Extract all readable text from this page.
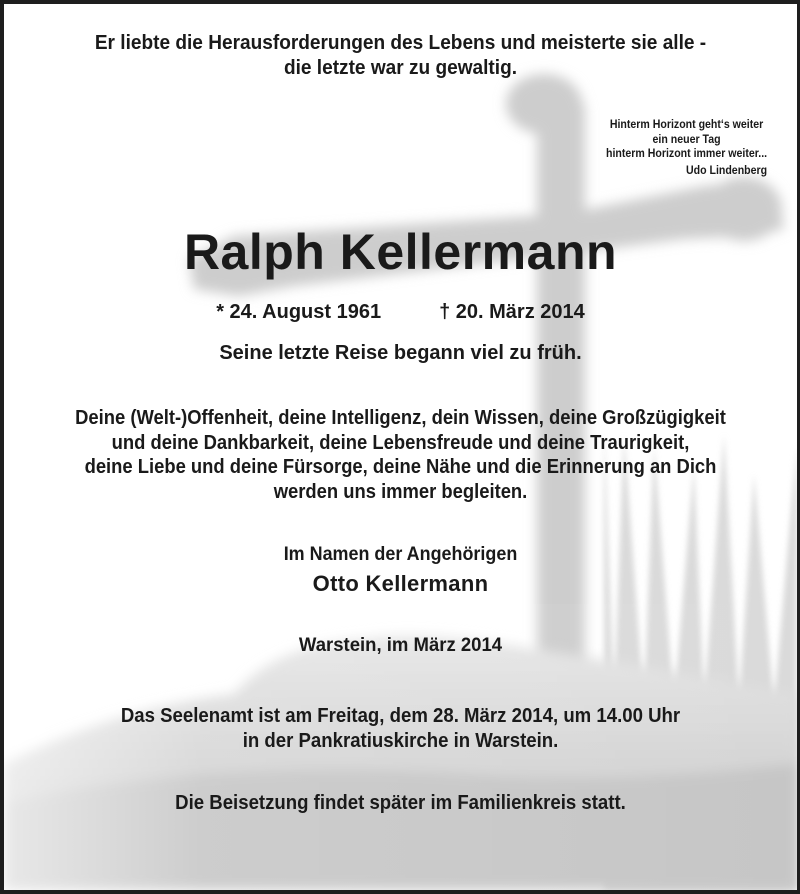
Er liebte die Herausforderungen des Lebens und meisterte sie alle -
die letzte war zu gewaltig.
Hinterm Horizont geht‘s weiter
ein neuer Tag
hinterm Horizont immer weiter...
Udo Lindenberg
Ralph Kellermann
* 24. August 1961	† 20. März 2014
Seine letzte Reise begann viel zu früh.
Deine (Welt-)Offenheit, deine Intelligenz, dein Wissen, deine Großzügigkeit
und deine Dankbarkeit, deine Lebensfreude und deine Traurigkeit,
deine Liebe und deine Fürsorge, deine Nähe und die Erinnerung an Dich
werden uns immer begleiten.
Im Namen der Angehörigen
Otto Kellermann
Warstein, im März 2014
Das Seelenamt ist am Freitag, dem 28. März 2014, um 14.00 Uhr
in der Pankratiuskirche in Warstein.
Die Beisetzung findet später im Familienkreis statt.
